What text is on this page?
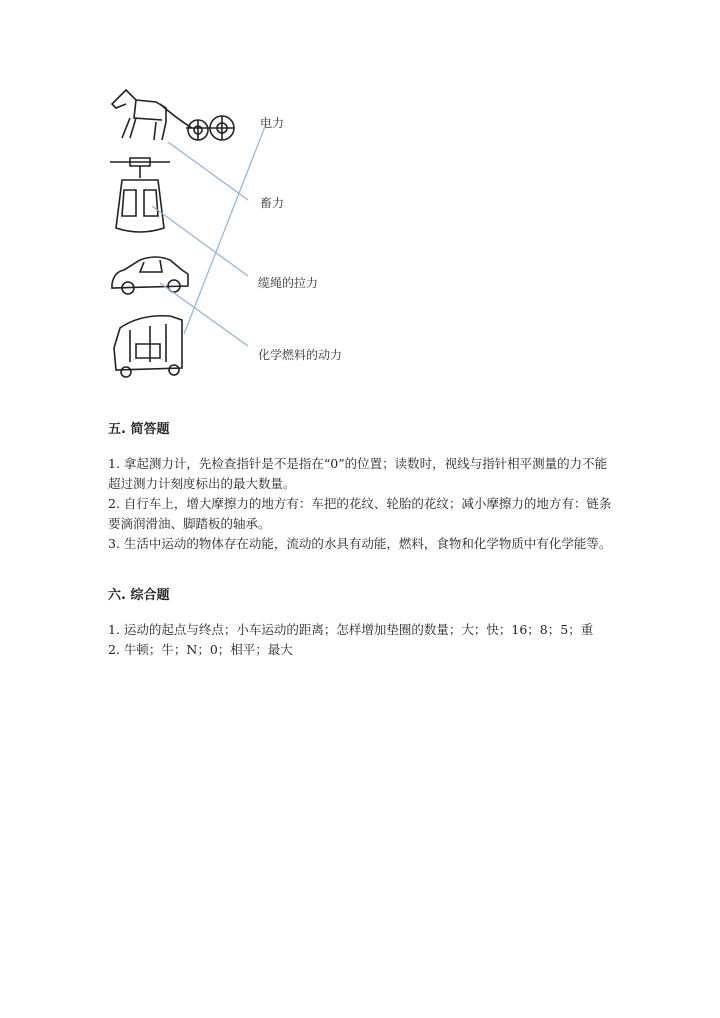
电力
畜力
缆绳的拉力
化学燃料的动力
五. 简答题

1. 拿起测力计，先检查指针是不是指在“0”的位置；读数时，视线与指针相平测量的力不能超过测力计刻度标出的最大数量。

2. 自行车上，增大摩擦力的地方有：车把的花纹、轮胎的花纹；减小摩擦力的地方有：链条要滴润滑油、脚踏板的轴承。

3. 生活中运动的物体存在动能，流动的水具有动能，燃料，食物和化学物质中有化学能等。

六. 综合题

1. 运动的起点与终点；小车运动的距离；怎样增加垫圈的数量；大；快；16；8；5；重

2. 牛顿；牛；N；0；相平；最大
